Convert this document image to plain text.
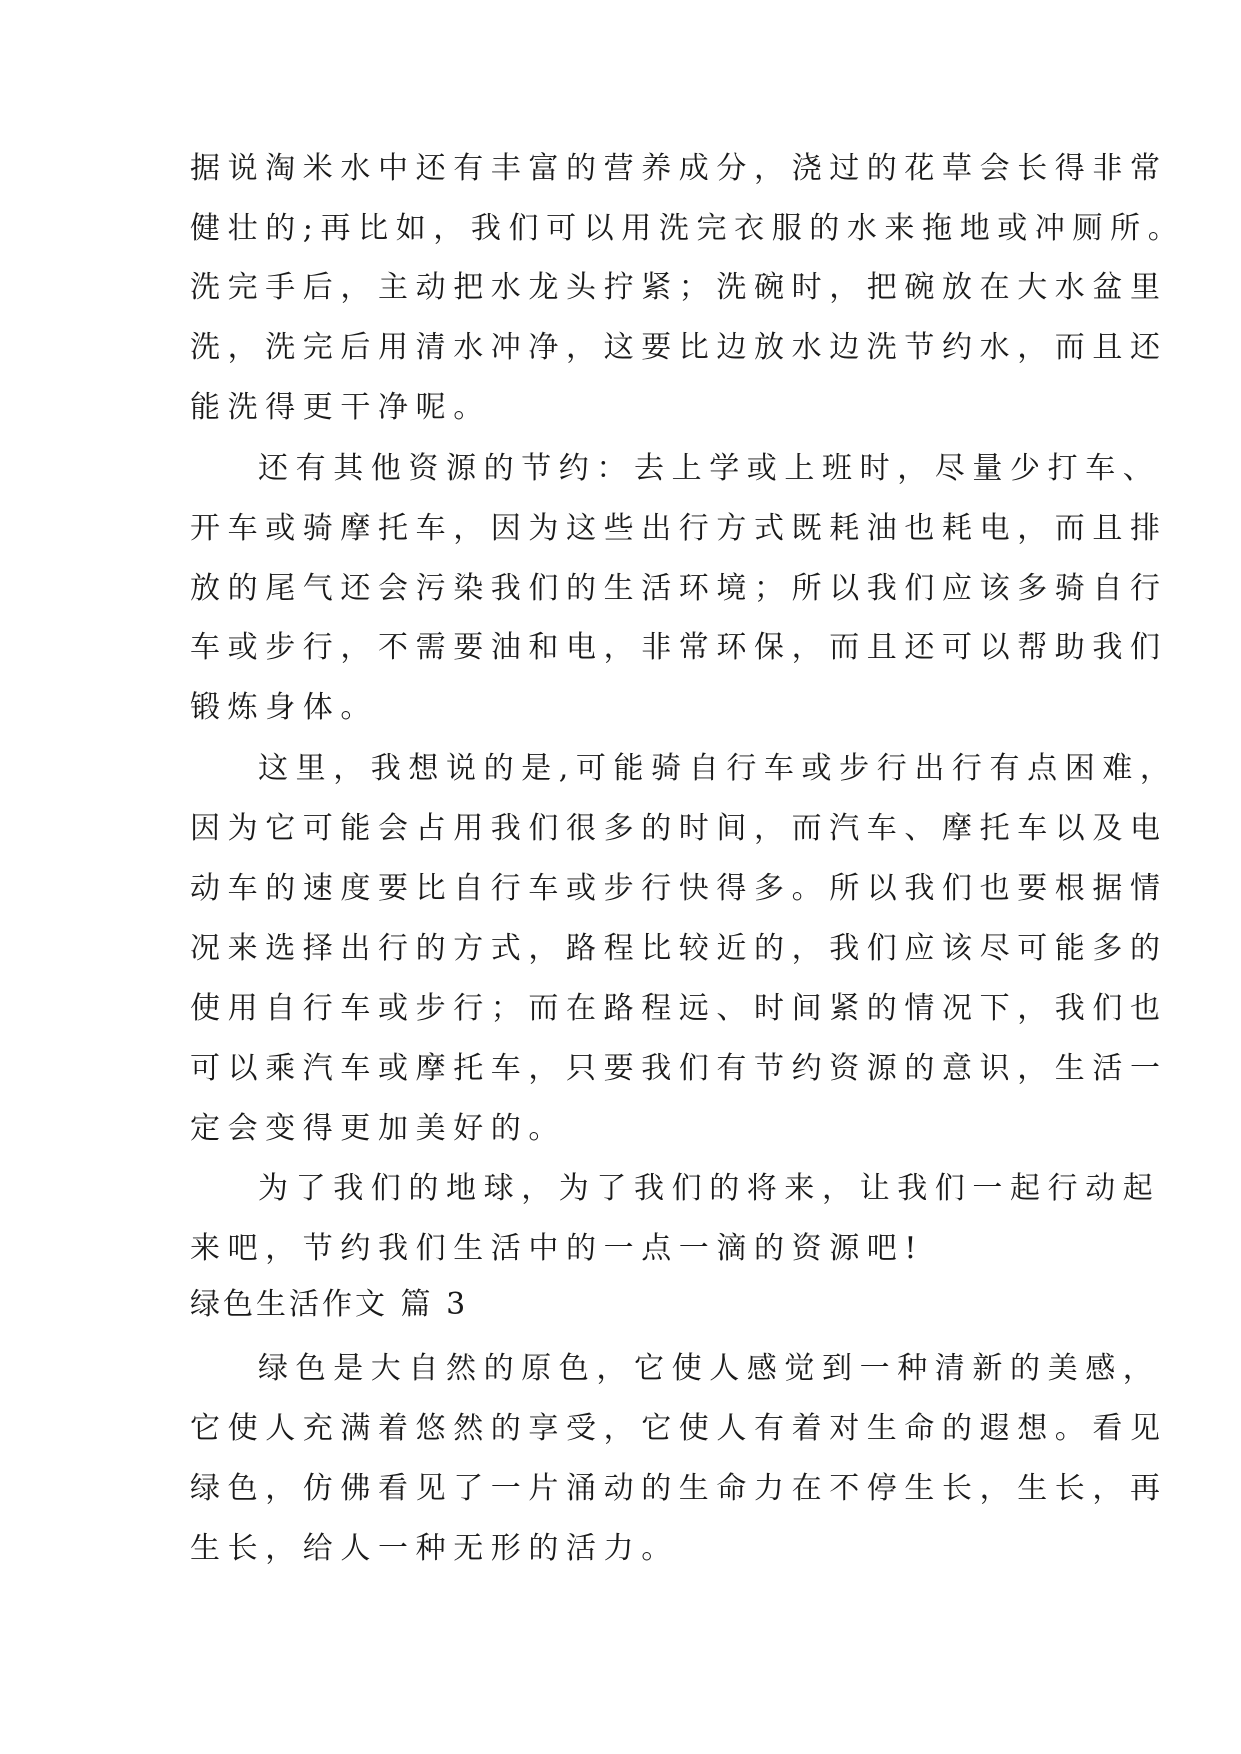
据说淘米水中还有丰富的营养成分，浇过的花草会长得非常
健壮的;再比如，我们可以用洗完衣服的水来拖地或冲厕所。
洗完手后，主动把水龙头拧紧；洗碗时，把碗放在大水盆里
洗，洗完后用清水冲净，这要比边放水边洗节约水，而且还
能洗得更干净呢。
还有其他资源的节约：去上学或上班时，尽量少打车、
开车或骑摩托车，因为这些出行方式既耗油也耗电，而且排
放的尾气还会污染我们的生活环境；所以我们应该多骑自行
车或步行，不需要油和电，非常环保，而且还可以帮助我们
锻炼身体。
这里，我想说的是,可能骑自行车或步行出行有点困难，
因为它可能会占用我们很多的时间，而汽车、摩托车以及电
动车的速度要比自行车或步行快得多。所以我们也要根据情
况来选择出行的方式，路程比较近的，我们应该尽可能多的
使用自行车或步行；而在路程远、时间紧的情况下，我们也
可以乘汽车或摩托车，只要我们有节约资源的意识，生活一
定会变得更加美好的。
为了我们的地球，为了我们的将来，让我们一起行动起
来吧，节约我们生活中的一点一滴的资源吧!
绿色生活作文 篇 3
绿色是大自然的原色，它使人感觉到一种清新的美感，
它使人充满着悠然的享受，它使人有着对生命的遐想。看见
绿色，仿佛看见了一片涌动的生命力在不停生长，生长，再
生长，给人一种无形的活力。
